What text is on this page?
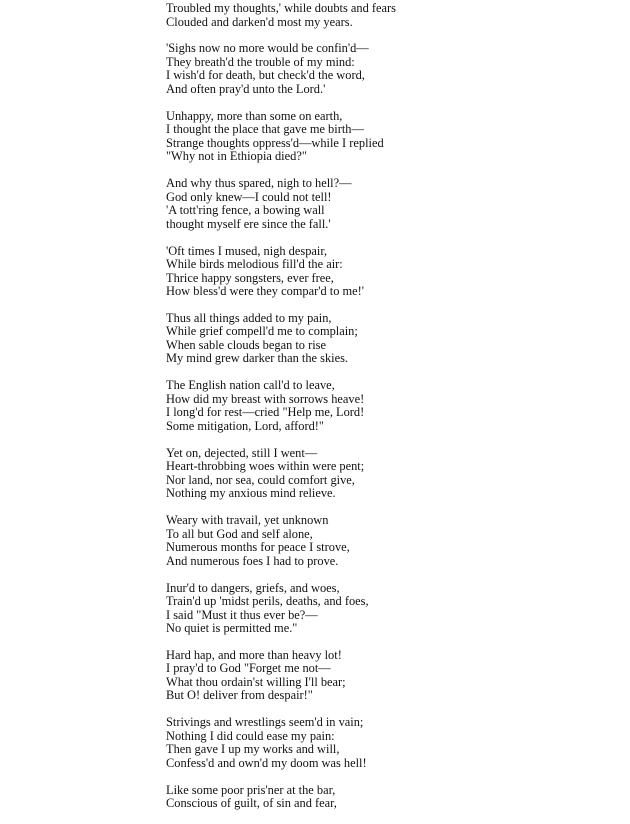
Troubled my thoughts,' while doubts and fears
Clouded and darken'd most my years.
'Sighs now no more would be confin'd—
They breath'd the trouble of my mind:
I wish'd for death, but check'd the word,
And often pray'd unto the Lord.'
Unhappy, more than some on earth,
I thought the place that gave me birth—
Strange thoughts oppress'd—while I replied
"Why not in Ethiopia died?"
And why thus spared, nigh to hell?—
God only knew—I could not tell!
'A tott'ring fence, a bowing wall
thought myself ere since the fall.'
'Oft times I mused, nigh despair,
While birds melodious fill'd the air:
Thrice happy songsters, ever free,
How bless'd were they compar'd to me!'
Thus all things added to my pain,
While grief compell'd me to complain;
When sable clouds began to rise
My mind grew darker than the skies.
The English nation call'd to leave,
How did my breast with sorrows heave!
I long'd for rest—cried "Help me, Lord!
Some mitigation, Lord, afford!"
Yet on, dejected, still I went—
Heart-throbbing woes within were pent;
Nor land, nor sea, could comfort give,
Nothing my anxious mind relieve.
Weary with travail, yet unknown
To all but God and self alone,
Numerous months for peace I strove,
And numerous foes I had to prove.
Inur'd to dangers, griefs, and woes,
Train'd up 'midst perils, deaths, and foes,
I said "Must it thus ever be?—
No quiet is permitted me."
Hard hap, and more than heavy lot!
I pray'd to God "Forget me not—
What thou ordain'st willing I'll bear;
But O! deliver from despair!"
Strivings and wrestlings seem'd in vain;
Nothing I did could ease my pain:
Then gave I up my works and will,
Confess'd and own'd my doom was hell!
Like some poor pris'ner at the bar,
Conscious of guilt, of sin and fear,
